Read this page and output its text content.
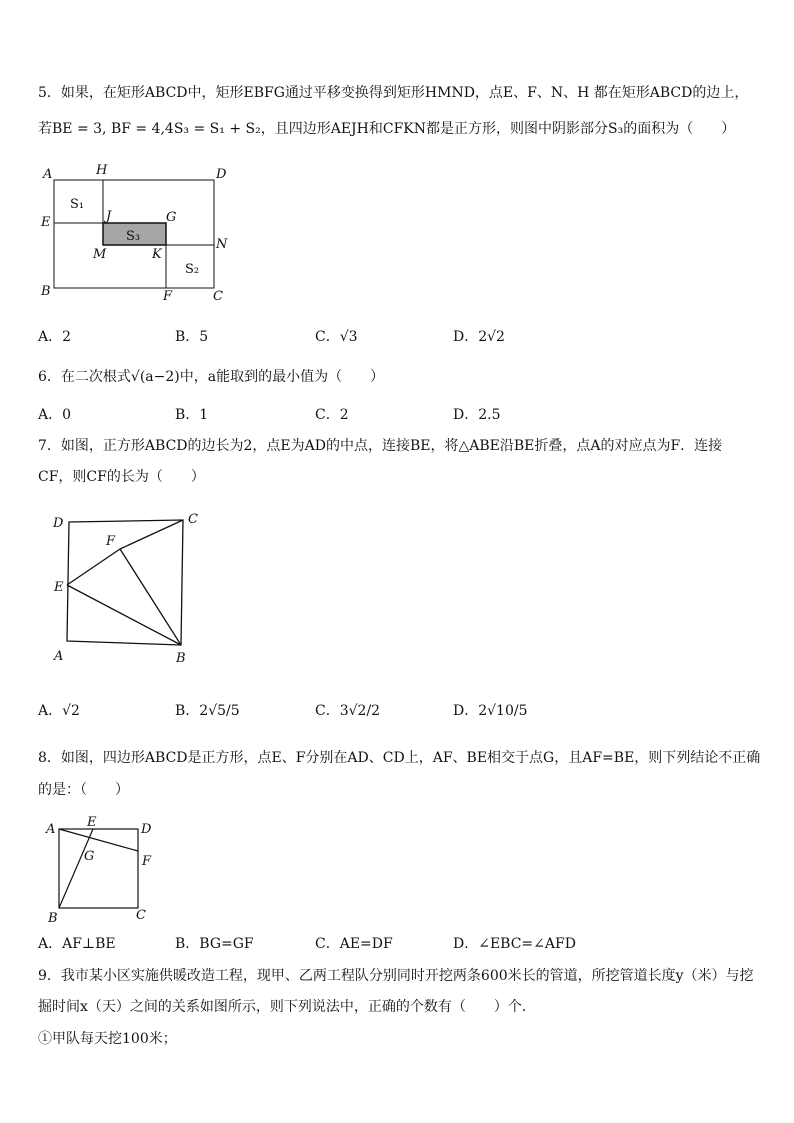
5．如果，在矩形ABCD中，矩形EBFG通过平移变换得到矩形HMND，点E、F、N、H 都在矩形ABCD的边上，
若BE = 3, BF = 4,4S₃ = S₁ + S₂，且四边形AEJH和CFKN都是正方形，则图中阴影部分S₃的面积为（　　）
A	H	D
S₁
J	G
E
S₃
N
M	K
S₂
B	F	C
A．2	B．5	C．√3	D．2√2
6．在二次根式√(a−2)中，a能取到的最小值为（　　）
A．0	B．1	C．2	D．2.5
7．如图，正方形ABCD的边长为2，点E为AD的中点，连接BE，将△ABE沿BE折叠，点A的对应点为F．连接
CF，则CF的长为（　　）
D	C
F
E
A	B
A．√2	B．2√5/5	C．3√2/2	D．2√10/5
8．如图，四边形ABCD是正方形，点E、F分别在AD、CD上，AF、BE相交于点G，且AF=BE，则下列结论不正确
的是：（　　）
A E	D
G	F
B	C
A．AF⊥BE	B．BG=GF	C．AE=DF	D．∠EBC=∠AFD
9．我市某小区实施供暖改造工程，现甲、乙两工程队分别同时开挖两条600米长的管道，所挖管道长度y（米）与挖
掘时间x（天）之间的关系如图所示，则下列说法中，正确的个数有（　　）个．
①甲队每天挖100米；
